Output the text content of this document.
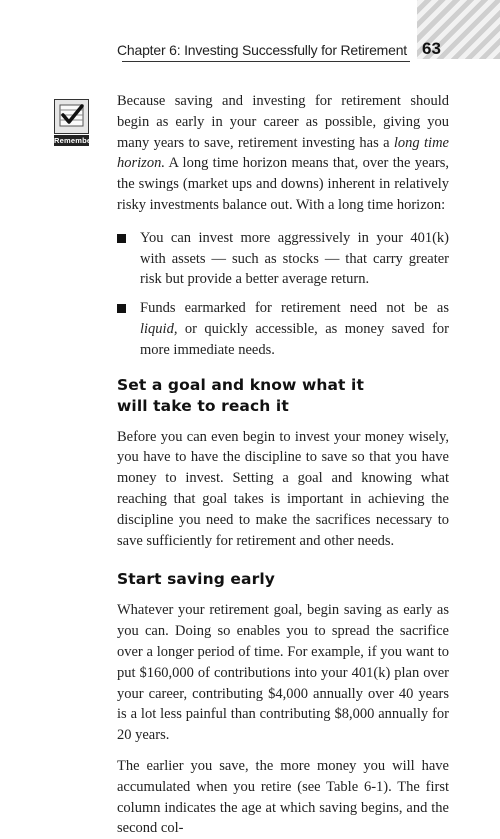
Chapter 6: Investing Successfully for Retirement 63
Remember

Because saving and investing for retirement should begin as early in your career as possible, giving you many years to save, retirement investing has a long time horizon. A long time horizon means that, over the years, the swings (market ups and downs) inherent in relatively risky investments balance out. With a long time horizon:

You can invest more aggressively in your 401(k) with assets — such as stocks — that carry greater risk but provide a better average return.
Funds earmarked for retirement need not be as liquid, or quickly accessible, as money saved for more immediate needs.
Set a goal and know what it
will take to reach it

Before you can even begin to invest your money wisely, you have to have the discipline to save so that you have money to invest. Setting a goal and knowing what reaching that goal takes is important in achieving the discipline you need to make the sacrifices necessary to save sufficiently for retirement and other needs.

Start saving early

Whatever your retirement goal, begin saving as early as you can. Doing so enables you to spread the sacrifice over a longer period of time. For example, if you want to put $160,000 of contributions into your 401(k) plan over your career, contributing $4,000 annually over 40 years is a lot less painful than contributing $8,000 annually for 20 years.

The earlier you save, the more money you will have accumulated when you retire (see Table 6-1). The first column indicates the age at which saving begins, and the second col-
